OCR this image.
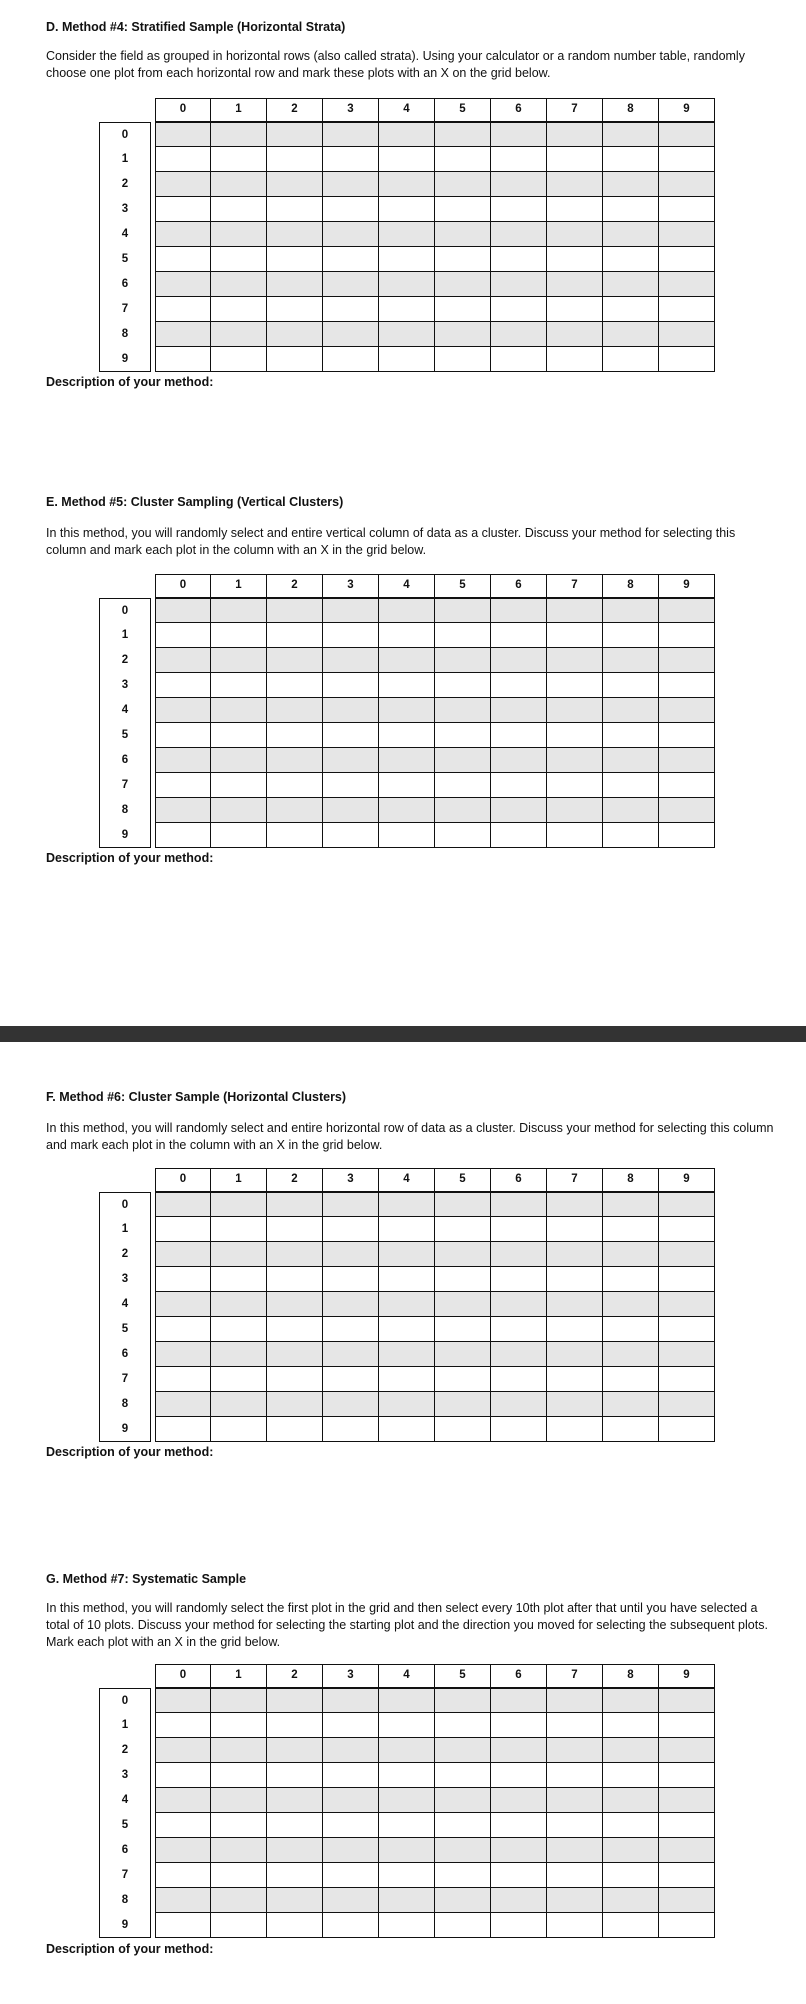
D. Method #4: Stratified Sample (Horizontal Strata)
Consider the field as grouped in horizontal rows (also called strata). Using your calculator or a random number table, randomly choose one plot from each horizontal row and mark these plots with an X on the grid below.
0	1	2	3	4	5	6	7	8	9
0
1
2
3
4
5
6
7
8
9
Description of your method:
E. Method #5: Cluster Sampling (Vertical Clusters)
In this method, you will randomly select and entire vertical column of data as a cluster. Discuss your method for selecting this column and mark each plot in the column with an X in the grid below.
0	1	2	3	4	5	6	7	8	9
0
1
2
3
4
5
6
7
8
9
Description of your method:
F. Method #6: Cluster Sample (Horizontal Clusters)
In this method, you will randomly select and entire horizontal row of data as a cluster. Discuss your method for selecting this column and mark each plot in the column with an X in the grid below.
0	1	2	3	4	5	6	7	8	9
0
1
2
3
4
5
6
7
8
9
Description of your method:
G. Method #7: Systematic Sample
In this method, you will randomly select the first plot in the grid and then select every 10th plot after that until you have selected a total of 10 plots. Discuss your method for selecting the starting plot and the direction you moved for selecting the subsequent plots. Mark each plot with an X in the grid below.
0	1	2	3	4	5	6	7	8	9
0
1
2
3
4
5
6
7
8
9
Description of your method:
